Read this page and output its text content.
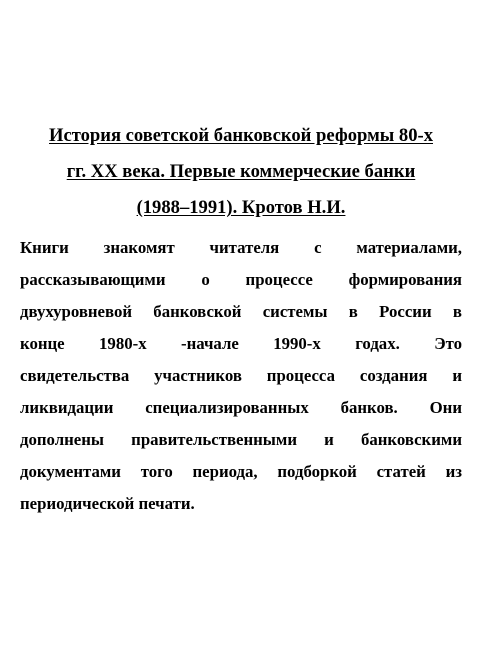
История советской банковской реформы 80-х
гг. XX века. Первые коммерческие банки
(1988–1991). Кротов Н.И.
Книги знакомят читателя с материалами,
рассказывающими о процессе формирования
двухуровневой банковской системы в России в
конце 1980-х -начале 1990-х годах. Это
свидетельства участников процесса создания и
ликвидации специализированных банков. Они
дополнены правительственными и банковскими
документами того периода, подборкой статей из
периодической печати.
